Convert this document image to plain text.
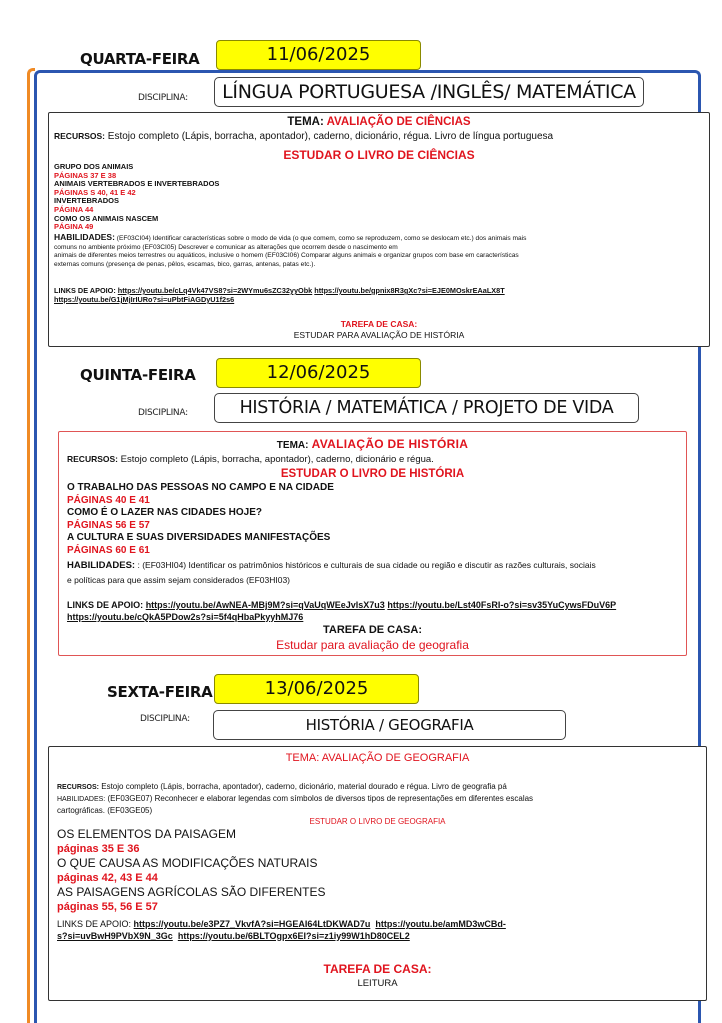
QUARTA-FEIRA	11/06/2025
DISCIPLINA:	LÍNGUA PORTUGUESA /INGLÊS/ MATEMÁTICA
TEMA: AVALIAÇÃO DE CIÊNCIAS
RECURSOS: Estojo completo (Lápis, borracha, apontador), caderno, dicionário, régua. Livro de língua portuguesa
ESTUDAR O LIVRO DE CIÊNCIAS
GRUPO DOS ANIMAIS
PÁGINAS 37 E 38
ANIMAIS VERTEBRADOS E INVERTEBRADOS
PÁGINAS S 40, 41 E 42
INVERTEBRADOS
PÁGINA 44
COMO OS ANIMAIS NASCEM
PÁGINA 49
HABILIDADES: (EF03CI04) Identificar características sobre o modo de vida (o que comem, como se reproduzem, como se deslocam etc.) dos animais mais
comuns no ambiente próximo (EF03CI05) Descrever e comunicar as alterações que ocorrem desde o nascimento em
animais de diferentes meios terrestres ou aquáticos, inclusive o homem (EF03CI06) Comparar alguns animais e organizar grupos com base em características
externas comuns (presença de penas, pêlos, escamas, bico, garras, antenas, patas etc.).
LINKS DE APOIO: https://youtu.be/cLq4Vk47VS8?si=2WYmu6sZC32yyObk https://youtu.be/gpnix8R3gXc?si=EJE0MOskrEAaLX8T
https://youtu.be/G1jMjIrIURo?si=uPbtFiAGDyU1f2s6
TAREFA DE CASA:
ESTUDAR PARA AVALIAÇÃO DE HISTÓRIA
QUINTA-FEIRA	12/06/2025
DISCIPLINA:	HISTÓRIA / MATEMÁTICA / PROJETO DE VIDA
TEMA: AVALIAÇÃO DE HISTÓRIA
RECURSOS: Estojo completo (Lápis, borracha, apontador), caderno, dicionário e régua.
ESTUDAR O LIVRO DE HISTÓRIA
O TRABALHO DAS PESSOAS NO CAMPO E NA CIDADE
PÁGINAS 40 E 41
COMO É O LAZER NAS CIDADES HOJE?
PÁGINAS 56 E 57
A CULTURA E SUAS DIVERSIDADES MANIFESTAÇÕES
PÁGINAS 60 E 61
HABILIDADES: : (EF03HI04) Identificar os patrimônios históricos e culturais de sua cidade ou região e discutir as razões culturais, sociais
e políticas para que assim sejam considerados (EF03HI03)
LINKS DE APOIO: https://youtu.be/AwNEA-MBj9M?si=qVaUqWEeJvlsX7u3 https://youtu.be/Lst40FsRI-o?si=sv35YuCywsFDuV6P
https://youtu.be/cQkA5PDow2s?si=5f4qHbaPkyyhMJ76
TAREFA DE CASA:
Estudar para avaliação de geografia
SEXTA-FEIRA	13/06/2025
DISCIPLINA:	HISTÓRIA / GEOGRAFIA
TEMA: AVALIAÇÃO DE GEOGRAFIA
RECURSOS: Estojo completo (Lápis, borracha, apontador), caderno, dicionário, material dourado e régua. Livro de geografia pá
HABILIDADES: (EF03GE07) Reconhecer e elaborar legendas com símbolos de diversos tipos de representações em diferentes escalas
cartográficas. (EF03GE05)
ESTUDAR O LIVRO DE GEOGRAFIA
OS ELEMENTOS DA PAISAGEM
páginas 35 E 36
O QUE CAUSA AS MODIFICAÇÕES NATURAIS
páginas 42, 43 E 44
AS PAISAGENS AGRÍCOLAS SÃO DIFERENTES
páginas 55, 56 E 57
LINKS DE APOIO: https://youtu.be/e3PZ7_VkvfA?si=HGEAI64LtDKWAD7u https://youtu.be/amMD3wCBd-
s?si=uvBwH9PVbX9N_3Gc https://youtu.be/6BLTOgpx6EI?si=z1iy99W1hD80CEL2
TAREFA DE CASA:
LEITURA
